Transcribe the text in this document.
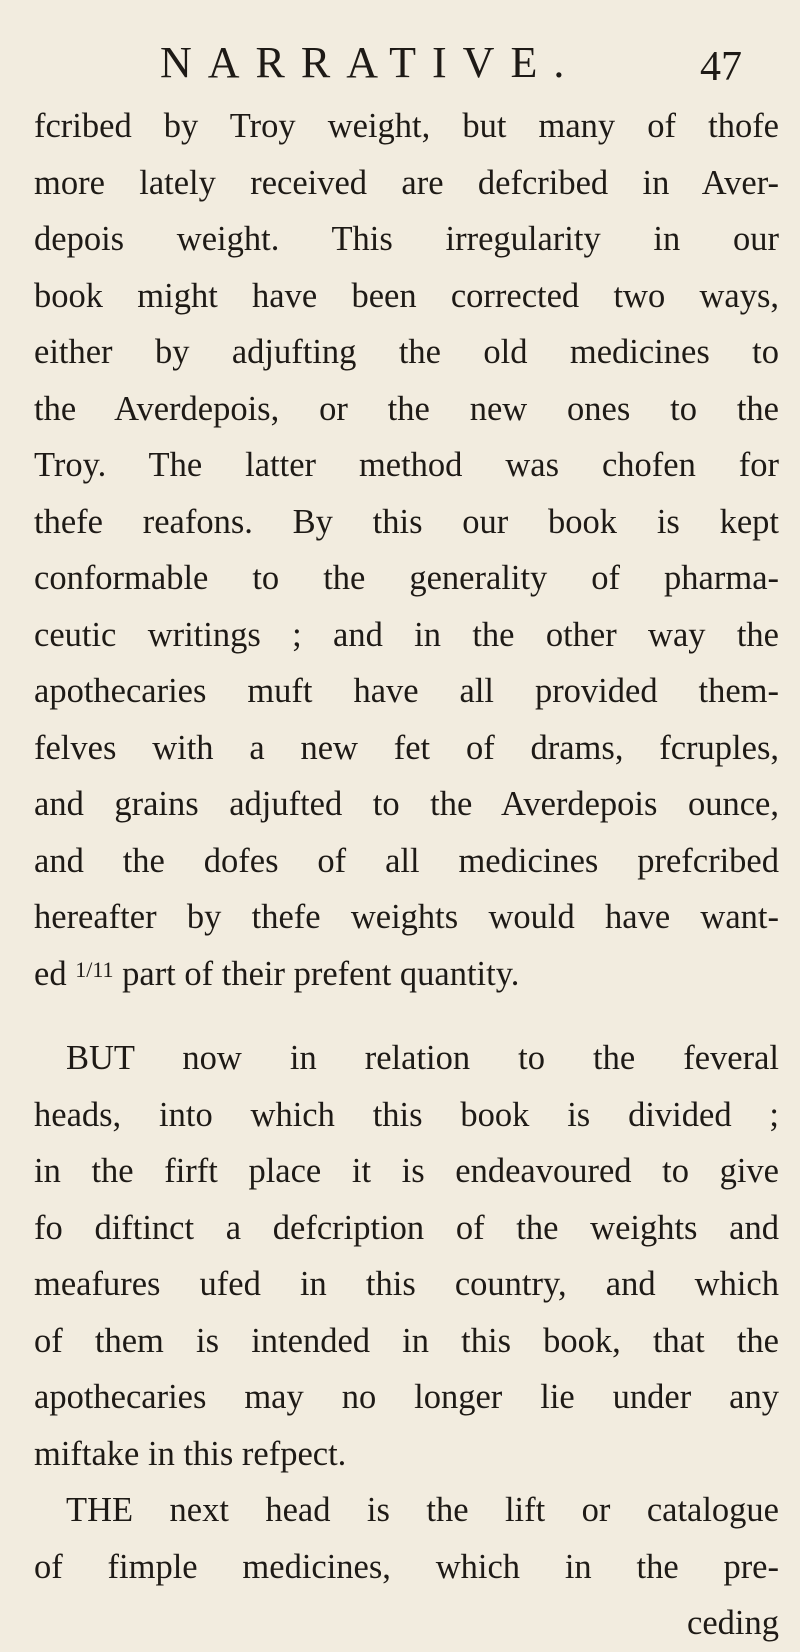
NARRATIVE.	47
fcribed by Troy weight, but many of thofe
more lately received are defcribed in Aver-
depois weight. This irregularity in our
book might have been corrected two ways,
either by adjufting the old medicines to
the Averdepois, or the new ones to the
Troy. The latter method was chofen for
thefe reafons. By this our book is kept
conformable to the generality of pharma-
ceutic writings ; and in the other way the
apothecaries muft have all provided them-
felves with a new fet of drams, fcruples,
and grains adjufted to the Averdepois ounce,
and the dofes of all medicines prefcribed
hereafter by thefe weights would have want-
ed $^{1/11}$ part of their prefent quantity.
BUT now in relation to the feveral
heads, into which this book is divided ;
in the firft place it is endeavoured to give
fo diftinct a defcription of the weights and
meafures ufed in this country, and which
of them is intended in this book, that the
apothecaries may no longer lie under any
miftake in this refpect.
THE next head is the lift or catalogue
of fimple medicines, which in the pre-
ceding
